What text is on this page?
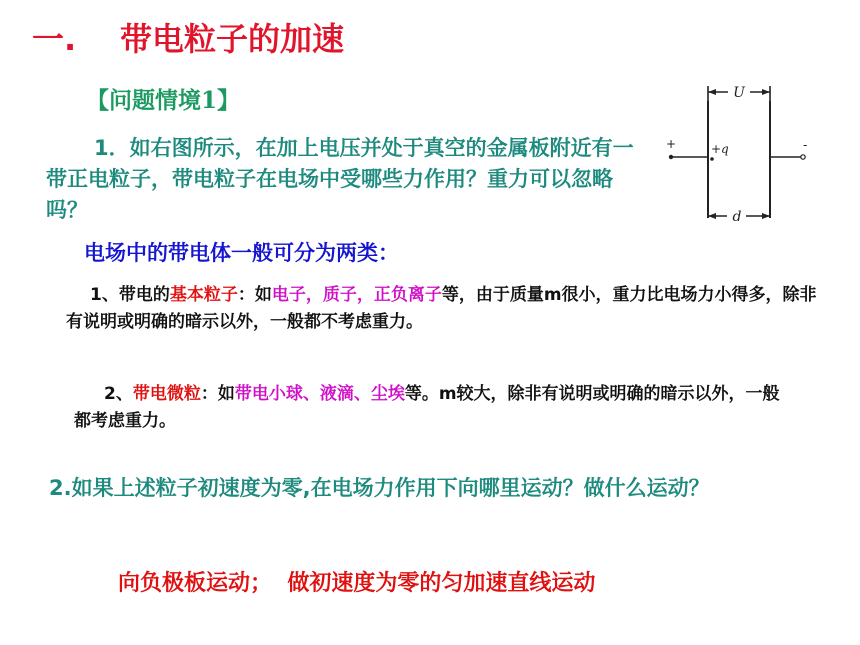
一. 带电粒子的加速
【问题情境1】
1．如右图所示，在加上电压并处于真空的金属板附近有一带正电粒子，带电粒子在电场中受哪些力作用？重力可以忽略吗？
电场中的带电体一般可分为两类：
1、带电的基本粒子：如电子，质子，正负离子等，由于质量m很小，重力比电场力小得多，除非有说明或明确的暗示以外，一般都不考虑重力。
2、带电微粒：如带电小球、液滴、尘埃等。m较大，除非有说明或明确的暗示以外，一般都考虑重力。
2.如果上述粒子初速度为零,在电场力作用下向哪里运动？做什么运动？
向负极板运动； 做初速度为零的匀加速直线运动
U
d
+q
+	-
